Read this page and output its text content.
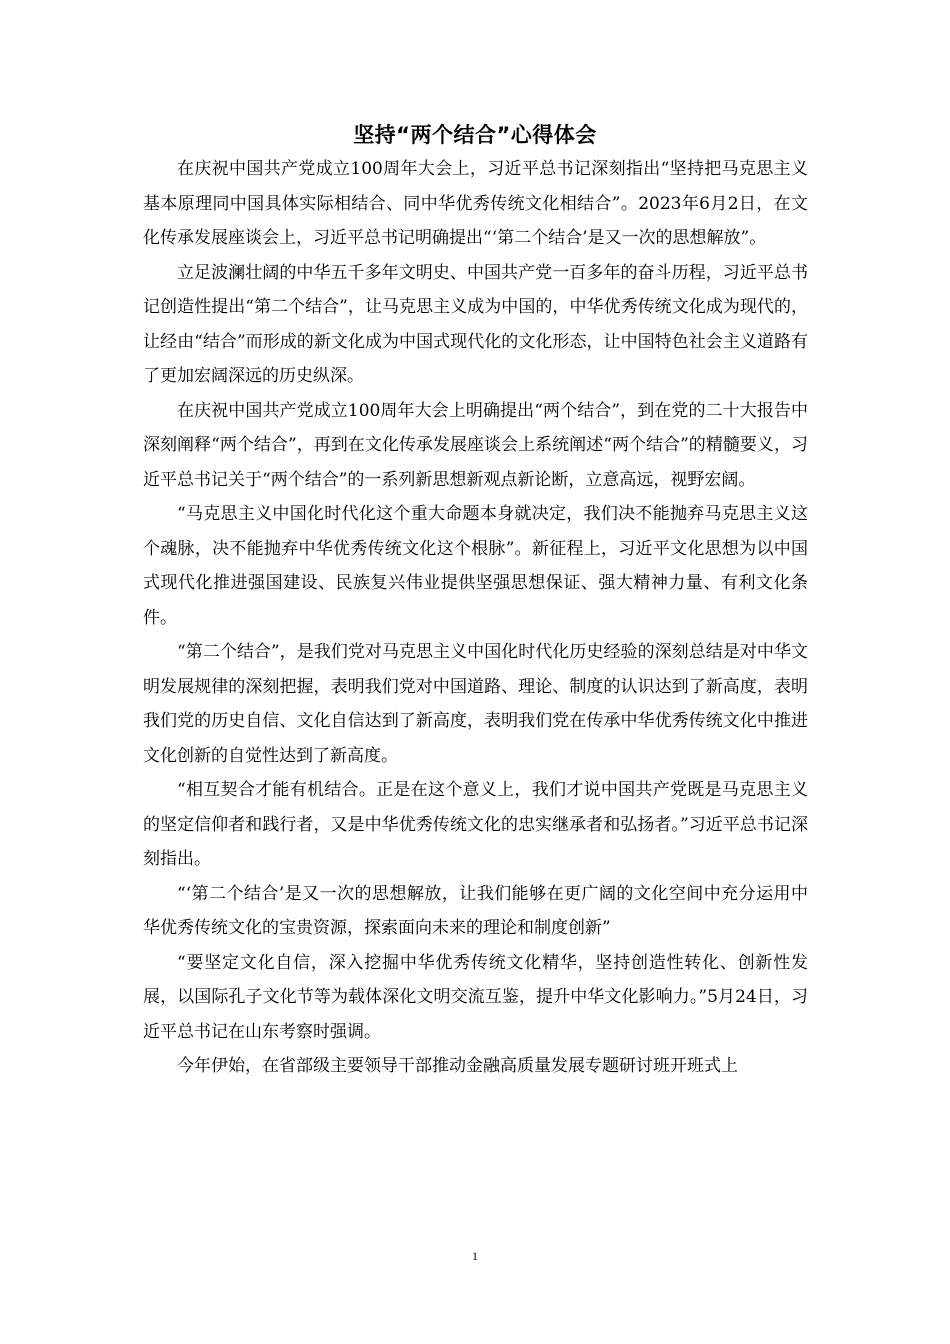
坚持“两个结合”心得体会

在庆祝中国共产党成立100周年大会上，习近平总书记深刻指出“坚持把马克思主义基本原理同中国具体实际相结合、同中华优秀传统文化相结合”。2023年6月2日，在文化传承发展座谈会上，习近平总书记明确提出“‘第二个结合’是又一次的思想解放”。

立足波澜壮阔的中华五千多年文明史、中国共产党一百多年的奋斗历程，习近平总书记创造性提出“第二个结合”，让马克思主义成为中国的，中华优秀传统文化成为现代的，让经由“结合”而形成的新文化成为中国式现代化的文化形态，让中国特色社会主义道路有了更加宏阔深远的历史纵深。

在庆祝中国共产党成立100周年大会上明确提出“两个结合”，到在党的二十大报告中深刻阐释“两个结合”，再到在文化传承发展座谈会上系统阐述“两个结合”的精髓要义，习近平总书记关于“两个结合”的一系列新思想新观点新论断，立意高远，视野宏阔。

“马克思主义中国化时代化这个重大命题本身就决定，我们决不能抛弃马克思主义这个魂脉，决不能抛弃中华优秀传统文化这个根脉”。新征程上，习近平文化思想为以中国式现代化推进强国建设、民族复兴伟业提供坚强思想保证、强大精神力量、有利文化条件。

“第二个结合”，是我们党对马克思主义中国化时代化历史经验的深刻总结是对中华文明发展规律的深刻把握，表明我们党对中国道路、理论、制度的认识达到了新高度，表明我们党的历史自信、文化自信达到了新高度，表明我们党在传承中华优秀传统文化中推进文化创新的自觉性达到了新高度。

“相互契合才能有机结合。正是在这个意义上，我们才说中国共产党既是马克思主义的坚定信仰者和践行者，又是中华优秀传统文化的忠实继承者和弘扬者。”习近平总书记深刻指出。

“‘第二个结合’是又一次的思想解放，让我们能够在更广阔的文化空间中充分运用中华优秀传统文化的宝贵资源，探索面向未来的理论和制度创新”

“要坚定文化自信，深入挖掘中华优秀传统文化精华，坚持创造性转化、创新性发展，以国际孔子文化节等为载体深化文明交流互鉴，提升中华文化影响力。”5月24日，习近平总书记在山东考察时强调。

今年伊始，在省部级主要领导干部推动金融高质量发展专题研讨班开班式上

1
